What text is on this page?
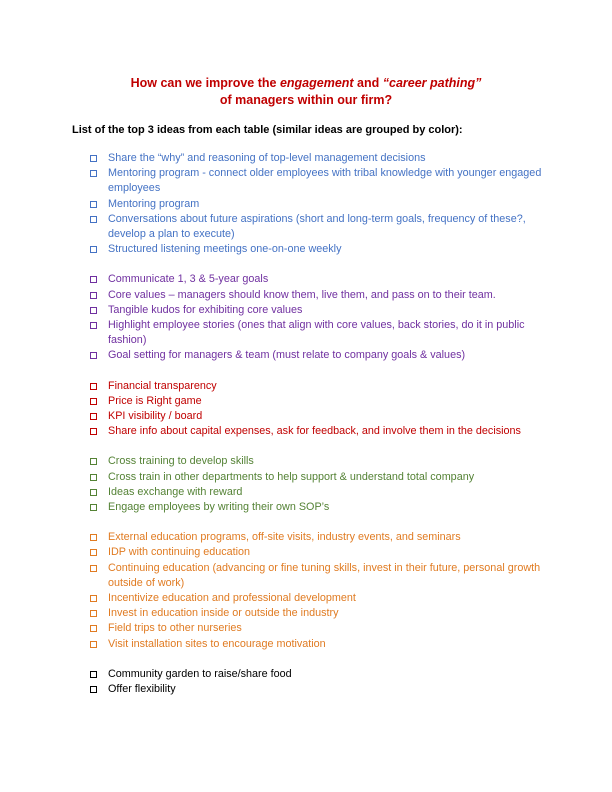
How can we improve the engagement and “career pathing”
of managers within our firm?
List of the top 3 ideas from each table (similar ideas are grouped by color):
Share the “why” and reasoning of top-level management decisions
Mentoring program - connect older employees with tribal knowledge with younger engaged employees
Mentoring program
Conversations about future aspirations (short and long-term goals, frequency of these?, develop a plan to execute)
Structured listening meetings one-on-one weekly
Communicate 1, 3 & 5-year goals
Core values – managers should know them, live them, and pass on to their team.
Tangible kudos for exhibiting core values
Highlight employee stories (ones that align with core values, back stories, do it in public fashion)
Goal setting for managers & team (must relate to company goals & values)
Financial transparency
Price is Right game
KPI visibility / board
Share info about capital expenses, ask for feedback, and involve them in the decisions
Cross training to develop skills
Cross train in other departments to help support & understand total company
Ideas exchange with reward
Engage employees by writing their own SOP’s
External education programs, off-site visits, industry events, and seminars
IDP with continuing education
Continuing education (advancing or fine tuning skills, invest in their future, personal growth outside of work)
Incentivize education and professional development
Invest in education inside or outside the industry
Field trips to other nurseries
Visit installation sites to encourage motivation
Community garden to raise/share food
Offer flexibility
